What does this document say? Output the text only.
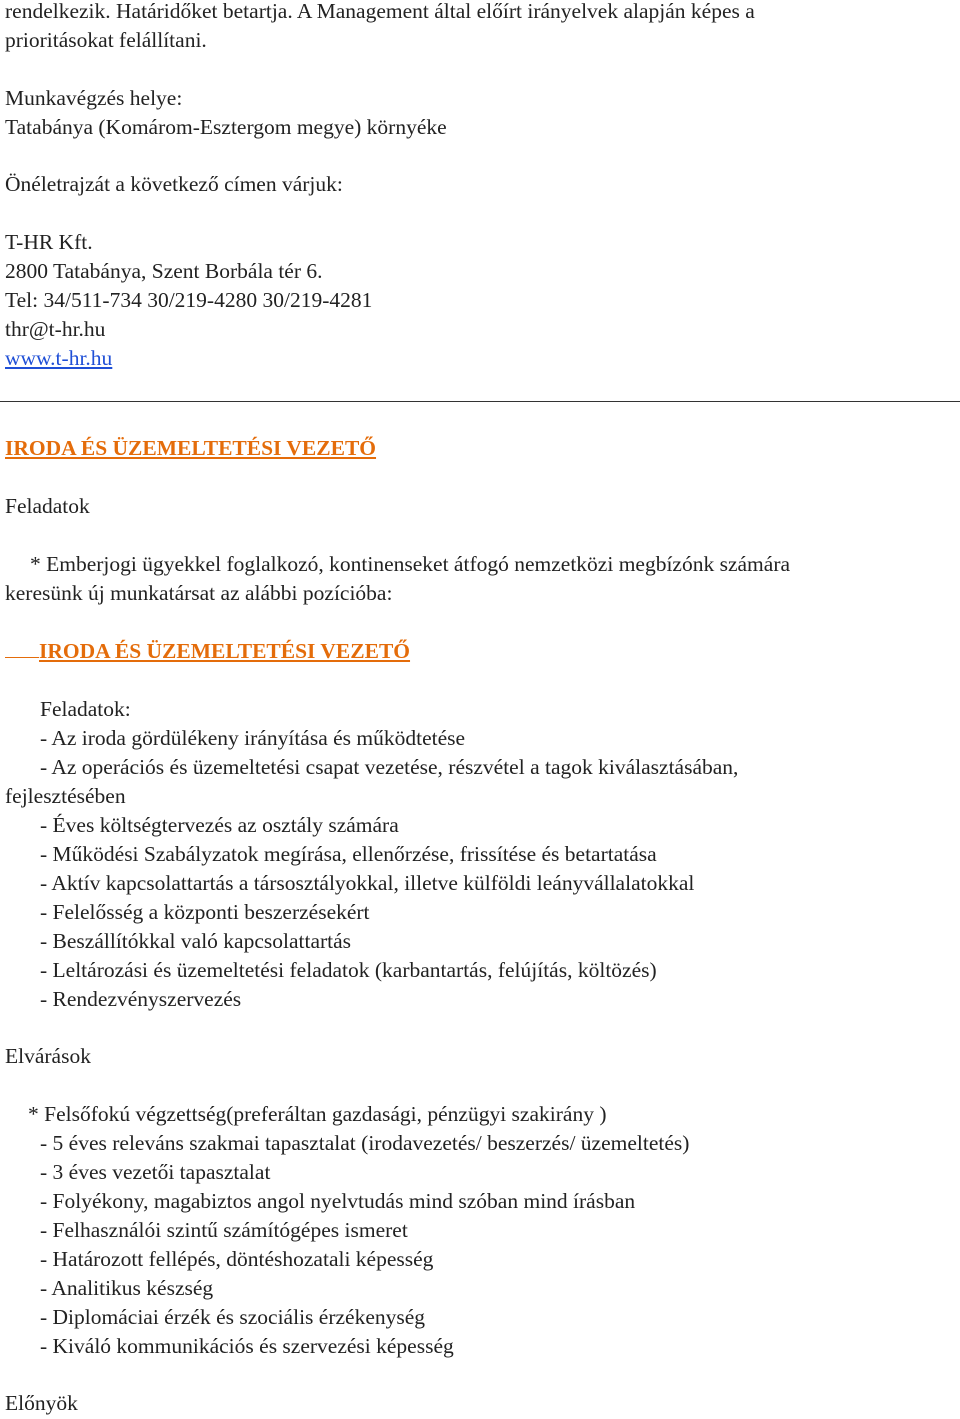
rendelkezik. Határidőket betartja. A Management által előírt irányelvek alapján képes a
prioritásokat felállítani.
Munkavégzés helye:
Tatabánya (Komárom-Esztergom megye) környéke
Önéletrajzát a következő címen várjuk:
T-HR Kft.
2800 Tatabánya, Szent Borbála tér 6.
Tel: 34/511-734 30/219-4280 30/219-4281
thr@t-hr.hu
www.t-hr.hu
IRODA ÉS ÜZEMELTETÉSI VEZETŐ
Feladatok
* Emberjogi ügyekkel foglalkozó, kontinenseket átfogó nemzetközi megbízónk számára
keresünk új munkatársat az alábbi pozícióba:
IRODA ÉS ÜZEMELTETÉSI VEZETŐ
Feladatok:
- Az iroda gördülékeny irányítása és működtetése
- Az operációs és üzemeltetési csapat vezetése, részvétel a tagok kiválasztásában,
fejlesztésében
- Éves költségtervezés az osztály számára
- Működési Szabályzatok megírása, ellenőrzése, frissítése és betartatása
- Aktív kapcsolattartás a társosztályokkal, illetve külföldi leányvállalatokkal
- Felelősség a központi beszerzésekért
- Beszállítókkal való kapcsolattartás
- Leltározási és üzemeltetési feladatok (karbantartás, felújítás, költözés)
- Rendezvényszervezés
Elvárások
* Felsőfokú végzettség(preferáltan gazdasági, pénzügyi szakirány )
- 5 éves releváns szakmai tapasztalat (irodavezetés/ beszerzés/ üzemeltetés)
- 3 éves vezetői tapasztalat
- Folyékony, magabiztos angol nyelvtudás mind szóban mind írásban
- Felhasználói szintű számítógépes ismeret
- Határozott fellépés, döntéshozatali képesség
- Analitikus készség
- Diplomáciai érzék és szociális érzékenység
- Kiváló kommunikációs és szervezési képesség
Előnyök
